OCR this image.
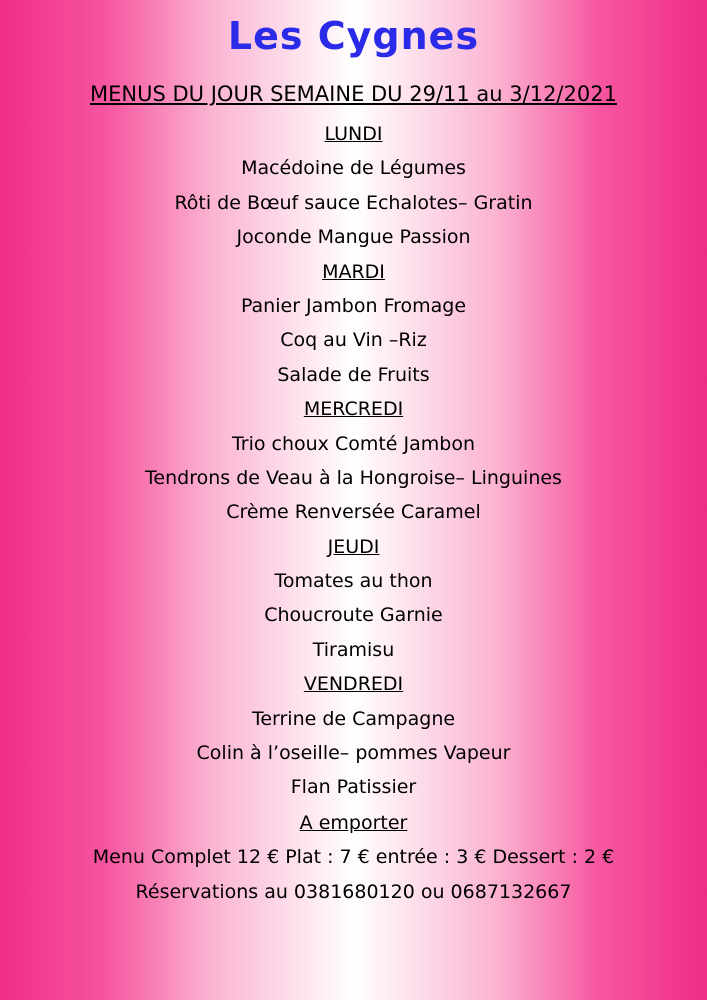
Les Cygnes
MENUS DU JOUR SEMAINE DU 29/11 au 3/12/2021
LUNDI
Macédoine de Légumes
Rôti de Bœuf sauce Echalotes– Gratin
Joconde Mangue Passion
MARDI
Panier Jambon Fromage
Coq au Vin –Riz
Salade de Fruits
MERCREDI
Trio choux Comté Jambon
Tendrons de Veau à la Hongroise– Linguines
Crème Renversée Caramel
JEUDI
Tomates au thon
Choucroute Garnie
Tiramisu
VENDREDI
Terrine de Campagne
Colin à l’oseille– pommes Vapeur
Flan Patissier
A emporter
Menu Complet 12 € Plat : 7 € entrée : 3 € Dessert : 2 €
Réservations au 0381680120 ou 0687132667
